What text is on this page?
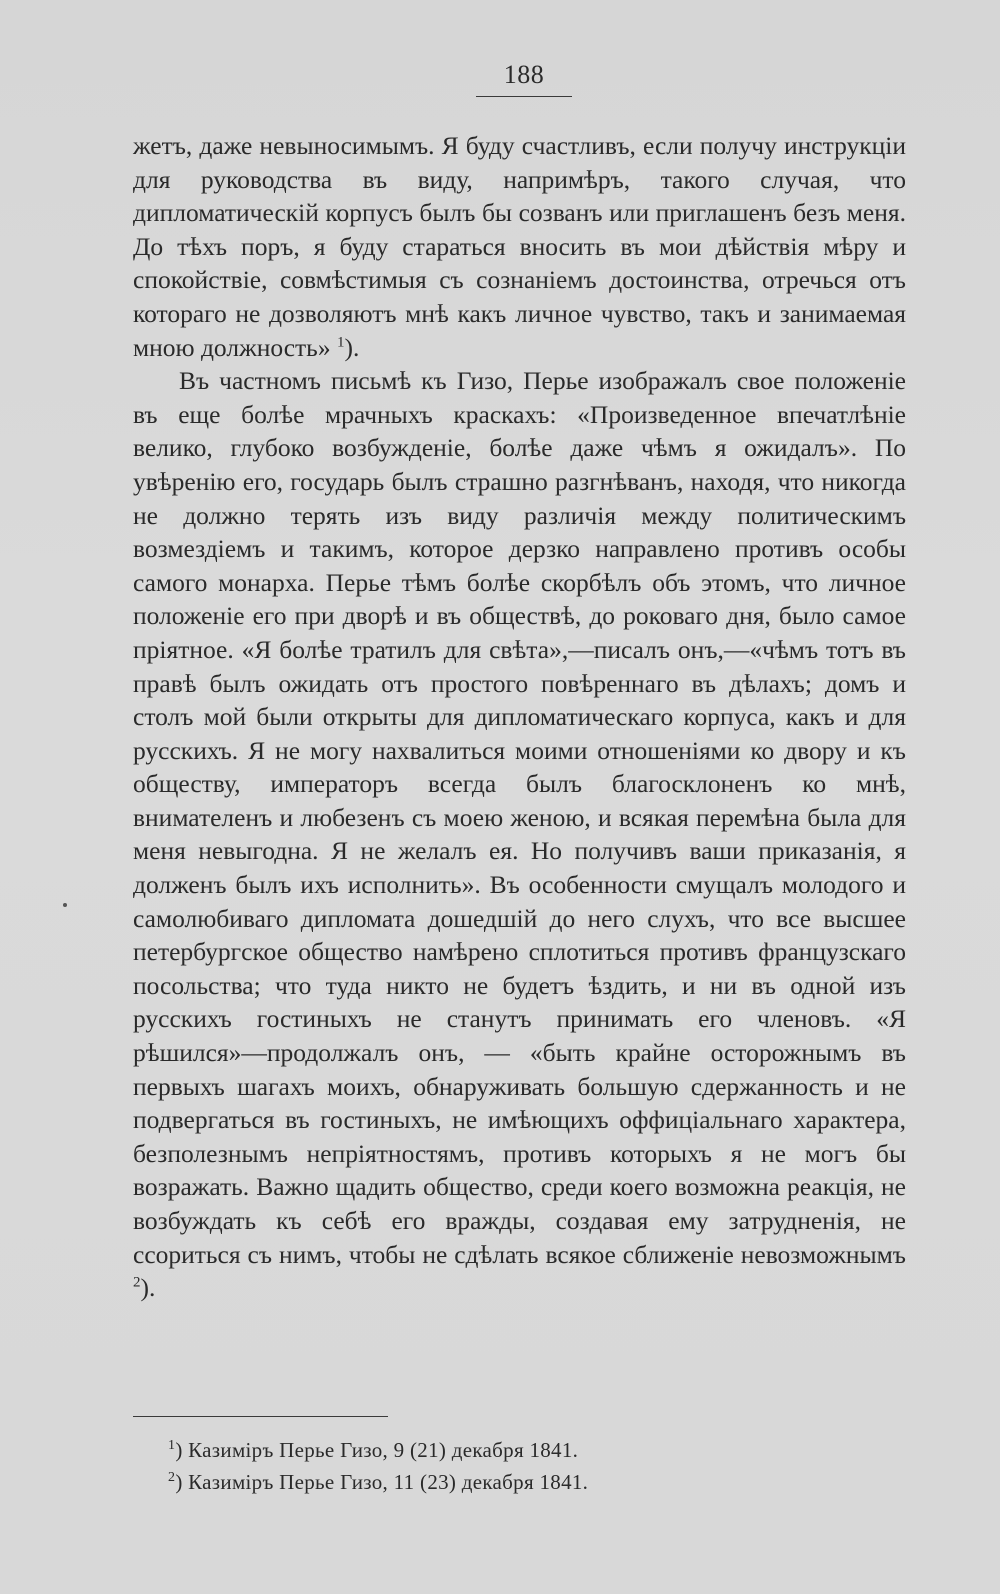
188

жетъ, даже невыносимымъ. Я буду счастливъ, если получу инструкціи для руководства въ виду, напримѣръ, такого случая, что дипломатическій корпусъ былъ бы созванъ или приглашенъ безъ меня. До тѣхъ поръ, я буду стараться вносить въ мои дѣйствія мѣру и спокойствіе, совмѣстимыя съ сознаніемъ достоинства, отречься отъ котораго не дозволяютъ мнѣ какъ личное чувство, такъ и занимаемая мною должность» $^1$).

Въ частномъ письмѣ къ Гизо, Перье изображалъ свое положеніе въ еще болѣе мрачныхъ краскахъ: «Произведенное впечатлѣніе велико, глубоко возбужденіе, болѣе даже чѣмъ я ожидалъ». По увѣренію его, государь былъ страшно разгнѣванъ, находя, что никогда не должно терять изъ виду различія между политическимъ возмездіемъ и такимъ, которое дерзко направлено противъ особы самого монарха. Перье тѣмъ болѣе скорбѣлъ объ этомъ, что личное положеніе его при дворѣ и въ обществѣ, до роковаго дня, было самое пріятное. «Я болѣе тратилъ для свѣта»,—писалъ онъ,—«чѣмъ тотъ въ правѣ былъ ожидать отъ простого повѣреннаго въ дѣлахъ; домъ и столъ мой были открыты для дипломатическаго корпуса, какъ и для русскихъ. Я не могу нахвалиться моими отношеніями ко двору и къ обществу, императоръ всегда былъ благосклоненъ ко мнѣ, внимателенъ и любезенъ съ моею женою, и всякая перемѣна была для меня невыгодна. Я не желалъ ея. Но получивъ ваши приказанія, я долженъ былъ ихъ исполнить». Въ особенности смущалъ молодого и самолюбиваго дипломата дошедшій до него слухъ, что все высшее петербургское общество намѣрено сплотиться противъ французскаго посольства; что туда никто не будетъ ѣздить, и ни въ одной изъ русскихъ гостиныхъ не станутъ принимать его членовъ. «Я рѣшился»—продолжалъ онъ, — «быть крайне осторожнымъ въ первыхъ шагахъ моихъ, обнаруживать большую сдержанность и не подвергаться въ гостиныхъ, не имѣющихъ оффиціальнаго характера, безполезнымъ непріятностямъ, противъ которыхъ я не могъ бы возражать. Важно щадить общество, среди коего возможна реакція, не возбуждать къ себѣ его вражды, создавая ему затрудненія, не ссориться съ нимъ, чтобы не сдѣлать всякое сближеніе невозможнымъ $^2$).

$^1$) Казиміръ Перье Гизо, 9 (21) декабря 1841.
$^2$) Казиміръ Перье Гизо, 11 (23) декабря 1841.
